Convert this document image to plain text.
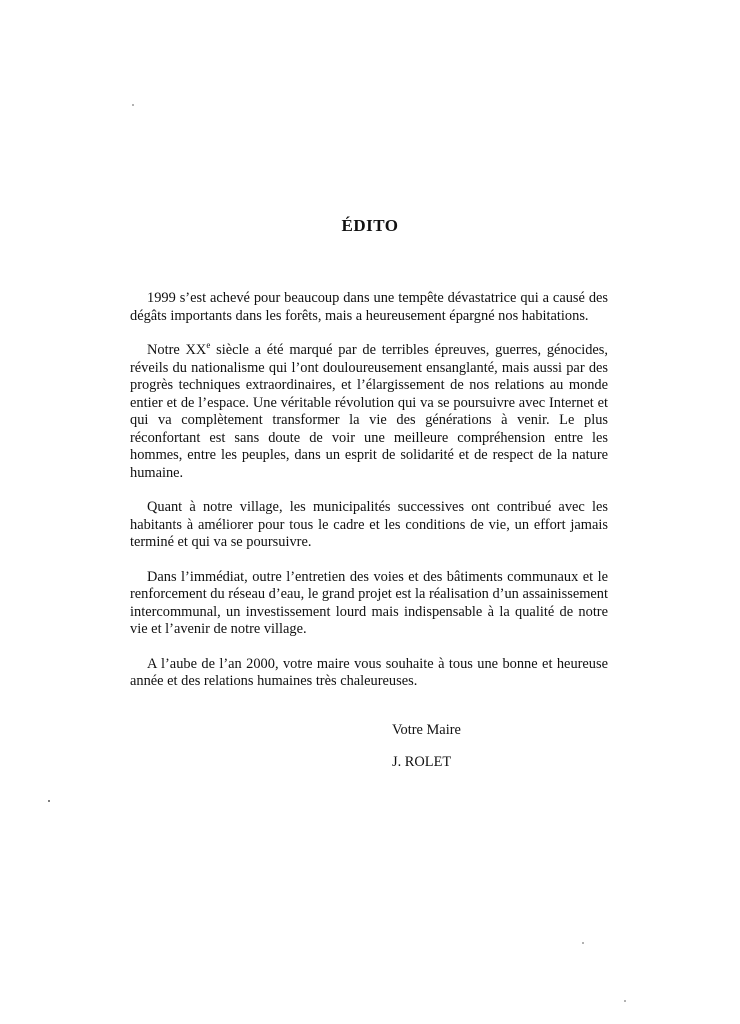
ÉDITO

1999 s’est achevé pour beaucoup dans une tempête dévastatrice qui a causé des dégâts importants dans les forêts, mais a heureusement épargné nos habitations.

Notre XXe siècle a été marqué par de terribles épreuves, guerres, génocides, réveils du nationalisme qui l’ont douloureusement ensanglanté, mais aussi par des progrès techniques extraordinaires, et l’élargissement de nos relations au monde entier et de l’espace. Une véritable révolution qui va se poursuivre avec Internet et qui va complètement transformer la vie des générations à venir. Le plus réconfortant est sans doute de voir une meilleure compréhension entre les hommes, entre les peuples, dans un esprit de solidarité et de respect de la nature humaine.

Quant à notre village, les municipalités successives ont contribué avec les habitants à améliorer pour tous le cadre et les conditions de vie, un effort jamais terminé et qui va se poursuivre.

Dans l’immédiat, outre l’entretien des voies et des bâtiments communaux et le renforcement du réseau d’eau, le grand projet est la réalisation d’un assainissement intercommunal, un investissement lourd mais indispensable à la qualité de notre vie et l’avenir de notre village.

A l’aube de l’an 2000, votre maire vous souhaite à tous une bonne et heureuse année et des relations humaines très chaleureuses.

Votre Maire
J. ROLET
